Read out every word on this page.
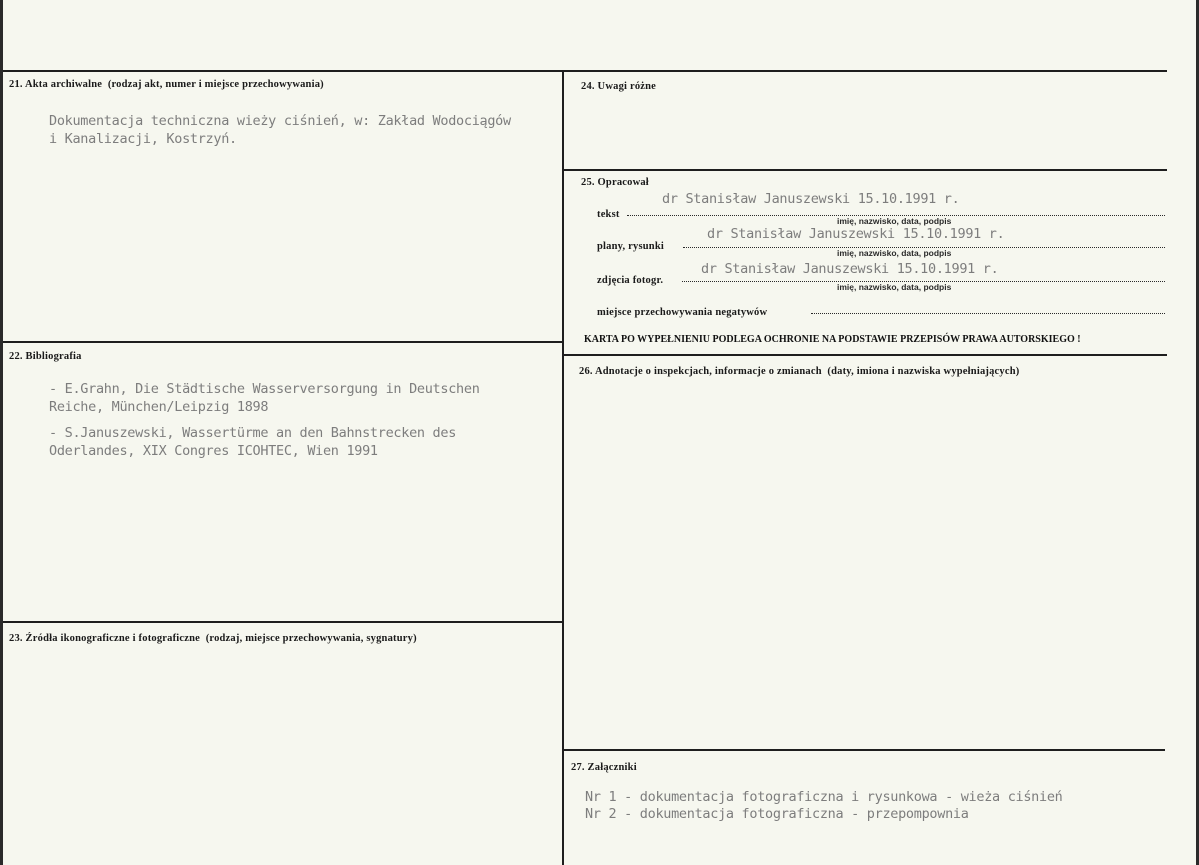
21. Akta archiwalne (rodzaj akt, numer i miejsce przechowywania)
Dokumentacja techniczna wieży ciśnień, w: Zakład Wodociągów
i Kanalizacji, Kostrzyń.
22. Bibliografia
- E.Grahn, Die Städtische Wasserversorgung in Deutschen
Reiche, München/Leipzig 1898
- S.Januszewski, Wassertürme an den Bahnstrecken des
Oderlandes, XIX Congres ICOHTEC, Wien 1991
23. Źródła ikonograficzne i fotograficzne (rodzaj, miejsce przechowywania, sygnatury)
24. Uwagi różne
25. Opracował
dr Stanisław Januszewski 15.10.1991 r.
tekst
imię, nazwisko, data, podpis
dr Stanisław Januszewski 15.10.1991 r.
plany, rysunki
imię, nazwisko, data, podpis
dr Stanisław Januszewski 15.10.1991 r.
zdjęcia fotogr.
imię, nazwisko, data, podpis
miejsce przechowywania negatywów
KARTA PO WYPEŁNIENIU PODLEGA OCHRONIE NA PODSTAWIE PRZEPISÓW PRAWA AUTORSKIEGO !
26. Adnotacje o inspekcjach, informacje o zmianach (daty, imiona i nazwiska wypełniających)
27. Załączniki
Nr 1 - dokumentacja fotograficzna i rysunkowa - wieża ciśnień
Nr 2 - dokumentacja fotograficzna - przepompownia
